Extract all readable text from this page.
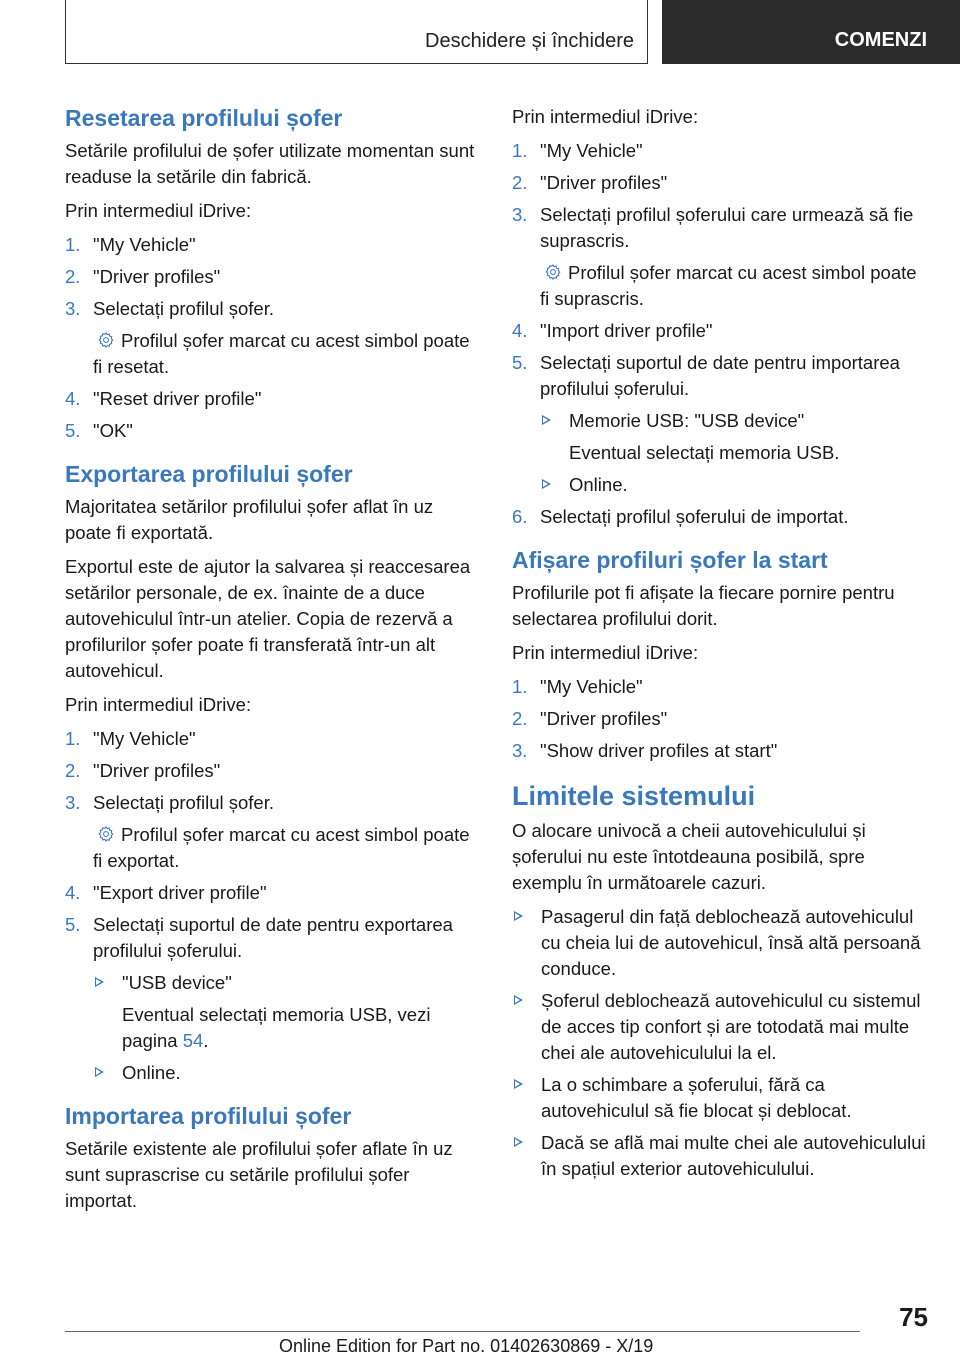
Deschidere și închidere	COMENZI
Resetarea profilului șofer

Setările profilului de șofer utilizate momentan sunt readuse la setările din fabrică.

Prin intermediul iDrive:

1. "My Vehicle"
2. "Driver profiles"
3. Selectați profilul șofer.
Profilul șofer marcat cu acest simbol poate fi resetat.
4. "Reset driver profile"
5. "OK"
Exportarea profilului șofer

Majoritatea setărilor profilului șofer aflat în uz poate fi exportată.

Exportul este de ajutor la salvarea și reaccesarea setărilor personale, de ex. înainte de a duce autovehiculul într-un atelier. Copia de rezervă a profilurilor șofer poate fi transferată într-un alt autovehicul.

Prin intermediul iDrive:

1. "My Vehicle"
2. "Driver profiles"
3. Selectați profilul șofer.
Profilul șofer marcat cu acest simbol poate fi exportat.
4. "Export driver profile"
5. Selectați suportul de date pentru exportarea profilului șoferului.
"USB device"
Eventual selectați memoria USB, vezi pagina 54.
Online.
Importarea profilului șofer

Setările existente ale profilului șofer aflate în uz sunt suprascrise cu setările profilului șofer importat.

Prin intermediul iDrive:

1. "My Vehicle"
2. "Driver profiles"
3. Selectați profilul șoferului care urmează să fie suprascris.
Profilul șofer marcat cu acest simbol poate fi suprascris.
4. "Import driver profile"
5. Selectați suportul de date pentru importarea profilului șoferului.
Memorie USB: "USB device"
Eventual selectați memoria USB.
Online.
6. Selectați profilul șoferului de importat.
Afișare profiluri șofer la start

Profilurile pot fi afișate la fiecare pornire pentru selectarea profilului dorit.

Prin intermediul iDrive:

1. "My Vehicle"
2. "Driver profiles"
3. "Show driver profiles at start"
Limitele sistemului

O alocare univocă a cheii autovehiculului și șoferului nu este întotdeauna posibilă, spre exemplu în următoarele cazuri.

Pasagerul din față deblochează autovehiculul cu cheia lui de autovehicul, însă altă persoană conduce.
Șoferul deblochează autovehiculul cu sistemul de acces tip confort și are totodată mai multe chei ale autovehiculului la el.
La o schimbare a șoferului, fără ca autovehiculul să fie blocat și deblocat.
Dacă se află mai multe chei ale autovehiculului în spațiul exterior autovehiculului.
75
Online Edition for Part no. 01402630869 - X/19
